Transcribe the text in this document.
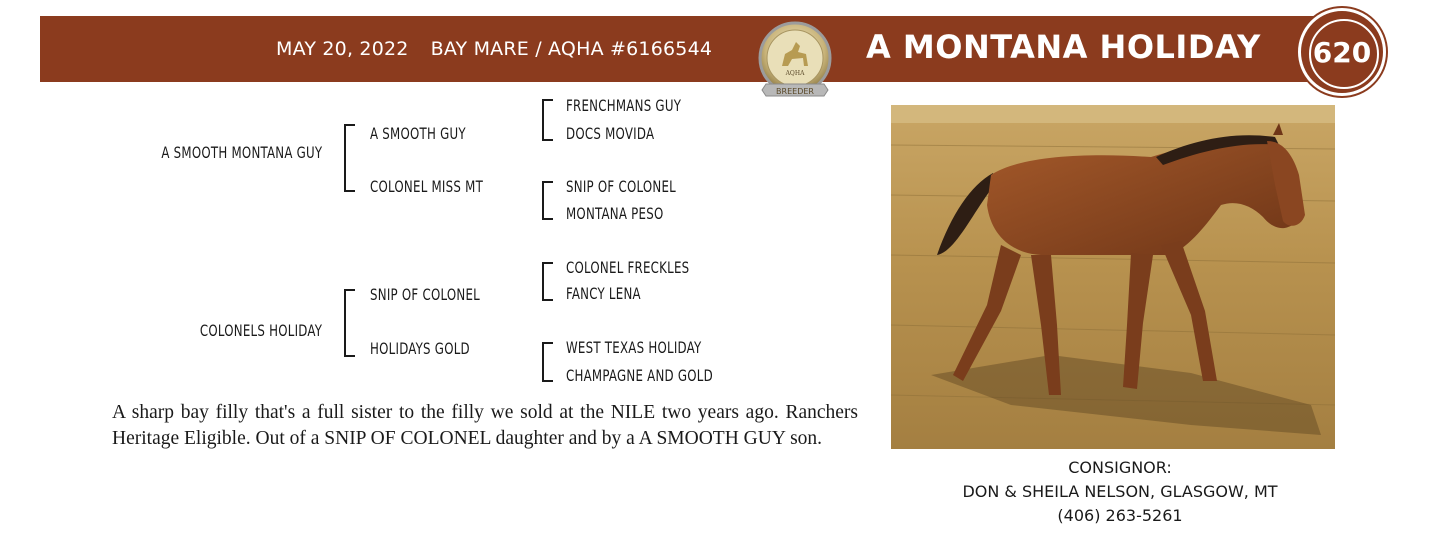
MAY 20, 2022 BAY MARE / AQHA #6166544	A MONTANA HOLIDAY	620
BREEDER
AQHA
A SMOOTH MONTANA GUY
A SMOOTH GUY
COLONEL MISS MT
FRENCHMANS GUY
DOCS MOVIDA
SNIP OF COLONEL
MONTANA PESO
COLONELS HOLIDAY
SNIP OF COLONEL
HOLIDAYS GOLD
COLONEL FRECKLES
FANCY LENA
WEST TEXAS HOLIDAY
CHAMPAGNE AND GOLD
A sharp bay filly that's a full sister to the filly we sold at the NILE two years ago. Ranchers Heritage Eligible. Out of a SNIP OF COLONEL daughter and by a A SMOOTH GUY son.
CONSIGNOR:
DON & SHEILA NELSON, GLASGOW, MT
(406) 263-5261
